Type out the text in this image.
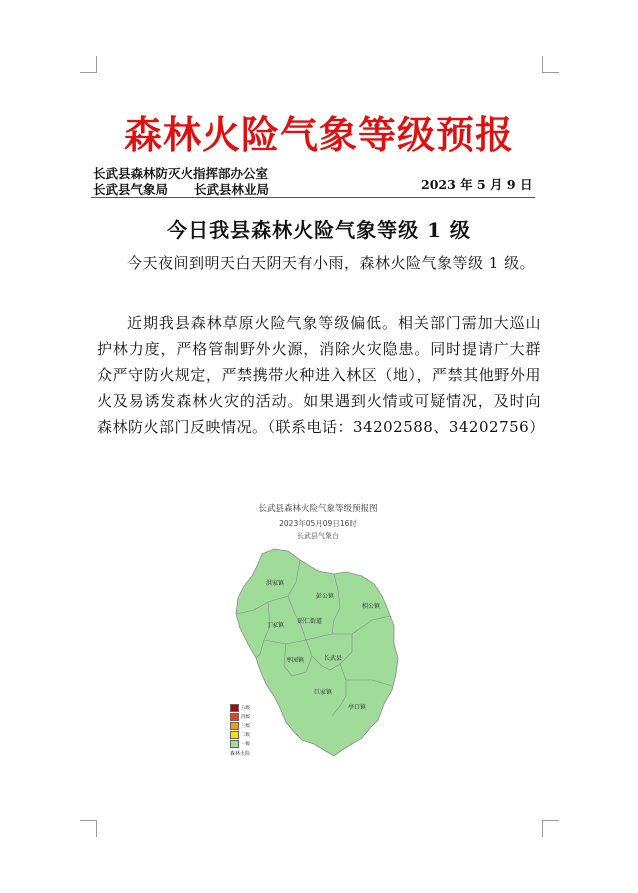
森林火险气象等级预报
长武县森林防灭火指挥部办公室
长武县气象局 长武县林业局	2023 年 5 月 9 日
今日我县森林火险气象等级 1 级

今天夜间到明天白天阴天有小雨，森林火险气象等级 1 级。

近期我县森林草原火险气象等级偏低。相关部门需加大巡山护林力度，严格管制野外火源，消除火灾隐患。同时提请广大群众严守防火规定，严禁携带火种进入林区（地），严禁其他野外用火及易诱发森林火灾的活动。如果遇到火情或可疑情况，及时向森林防火部门反映情况。（联系电话：34202588、34202756）

长武县森林火险气象等级预报图
2023年05月09日16时
长武县气象台
洪家镇
彭公镇
相公镇
丁家镇
昭仁街道
枣园镇	长武县
巨家镇
亭口镇
五级
四级
三级
二级
一级
森林火险
